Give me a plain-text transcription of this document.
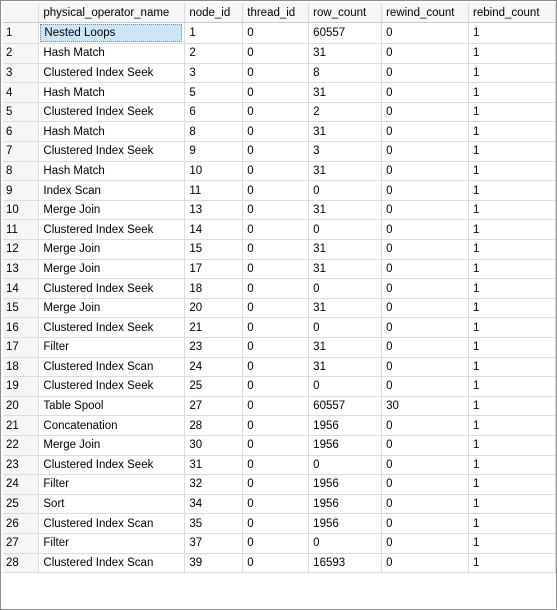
	physical_operator_name	node_id	thread_id	row_count	rewind_count	rebind_count
1	Nested Loops	1	0	60557	0	1
2	Hash Match	2	0	31	0	1
3	Clustered Index Seek	3	0	8	0	1
4	Hash Match	5	0	31	0	1
5	Clustered Index Seek	6	0	2	0	1
6	Hash Match	8	0	31	0	1
7	Clustered Index Seek	9	0	3	0	1
8	Hash Match	10	0	31	0	1
9	Index Scan	11	0	0	0	1
10	Merge Join	13	0	31	0	1
11	Clustered Index Seek	14	0	0	0	1
12	Merge Join	15	0	31	0	1
13	Merge Join	17	0	31	0	1
14	Clustered Index Seek	18	0	0	0	1
15	Merge Join	20	0	31	0	1
16	Clustered Index Seek	21	0	0	0	1
17	Filter	23	0	31	0	1
18	Clustered Index Scan	24	0	31	0	1
19	Clustered Index Seek	25	0	0	0	1
20	Table Spool	27	0	60557	30	1
21	Concatenation	28	0	1956	0	1
22	Merge Join	30	0	1956	0	1
23	Clustered Index Seek	31	0	0	0	1
24	Filter	32	0	1956	0	1
25	Sort	34	0	1956	0	1
26	Clustered Index Scan	35	0	1956	0	1
27	Filter	37	0	0	0	1
28	Clustered Index Scan	39	0	16593	0	1
